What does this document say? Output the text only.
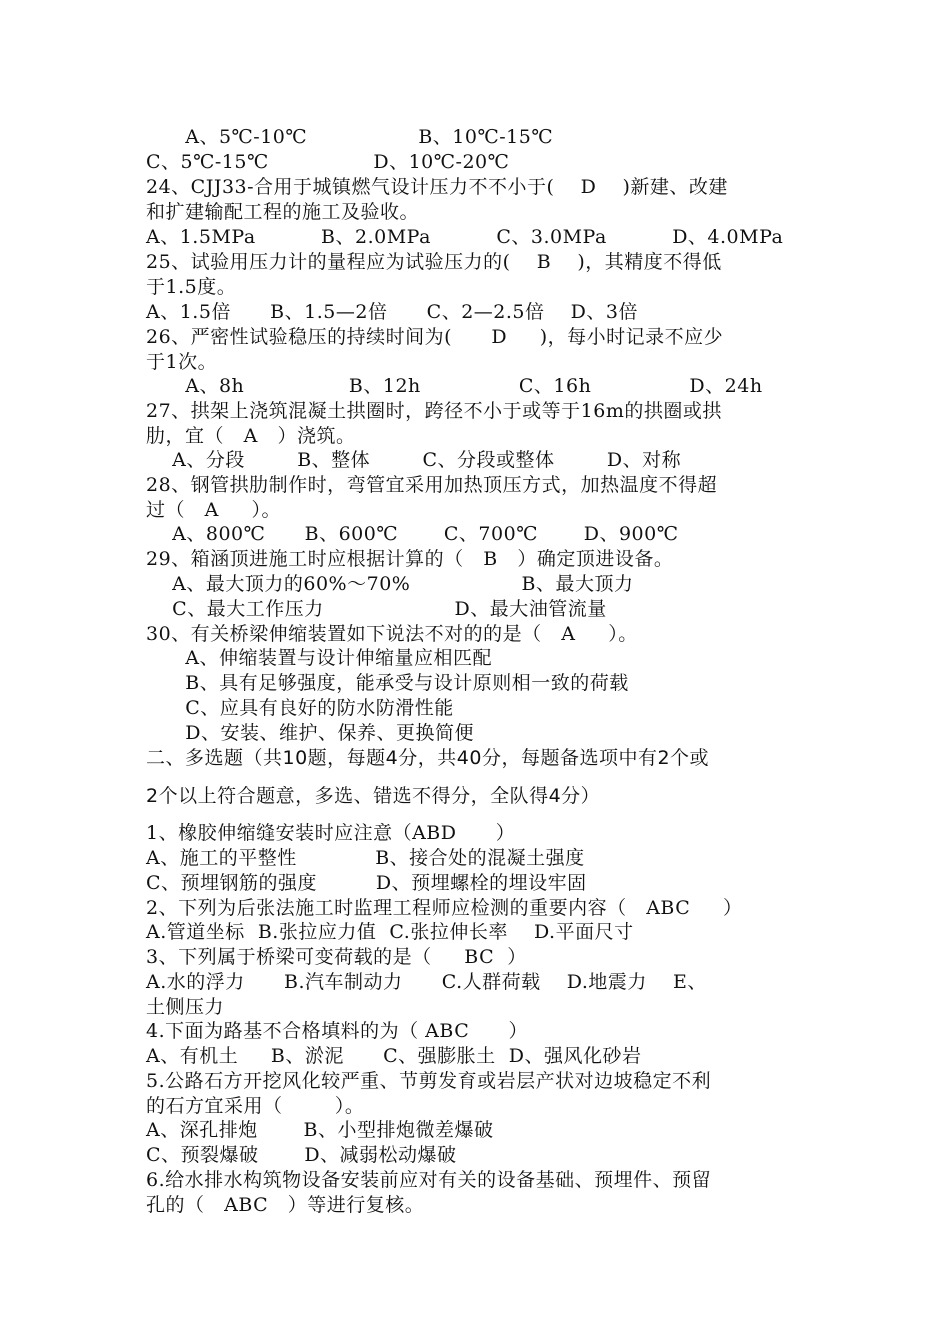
A、5℃-10℃                 B、10℃-15℃
C、5℃-15℃                D、10℃-20℃
24、CJJ33-合用于城镇燃气设计压力不不小于(    D    )新建、改建
和扩建输配工程的施工及验收。
A、1.5MPa          B、2.0MPa          C、3.0MPa          D、4.0MPa
25、试验用压力计的量程应为试验压力的(    B    )，其精度不得低
于1.5度。
A、1.5倍      B、1.5—2倍      C、2—2.5倍    D、3倍
26、严密性试验稳压的持续时间为(      D     )，每小时记录不应少
于1次。
A、8h                B、12h               C、16h               D、24h
27、拱架上浇筑混凝土拱圈时，跨径不小于或等于16m的拱圈或拱
肋，宜（   A   ）浇筑。
A、分段        B、整体        C、分段或整体        D、对称
28、钢管拱肋制作时，弯管宜采用加热顶压方式，加热温度不得超
过（   A     ）。
A、800℃      B、600℃       C、700℃       D、900℃
29、箱涵顶进施工时应根据计算的（   B   ）确定顶进设备。
A、最大顶力的60%～70%                 B、最大顶力
C、最大工作压力                    D、最大油管流量
30、有关桥梁伸缩装置如下说法不对的的是（   A     ）。
A、伸缩装置与设计伸缩量应相匹配
B、具有足够强度，能承受与设计原则相一致的荷载
C、应具有良好的防水防滑性能
D、安装、维护、保养、更换简便
二、多选题（共10题，每题4分，共40分，每题备选项中有2个或
2个以上符合题意，多选、错选不得分，全队得4分）
1、橡胶伸缩缝安装时应注意（ABD      ）
A、施工的平整性            B、接合处的混凝土强度
C、预埋钢筋的强度         D、预埋螺栓的埋设牢固
2、下列为后张法施工时监理工程师应检测的重要内容（   ABC     ）
A.管道坐标  B.张拉应力值  C.张拉伸长率    D.平面尺寸
3、下列属于桥梁可变荷载的是（     BC  ）
A.水的浮力      B.汽车制动力      C.人群荷载    D.地震力    E、
土侧压力
4.下面为路基不合格填料的为（ ABC      ）
A、有机土     B、淤泥      C、强膨胀土  D、强风化砂岩
5.公路石方开挖风化较严重、节剪发育或岩层产状对边坡稳定不利
的石方宜采用（        ）。
A、深孔排炮       B、小型排炮微差爆破
C、预裂爆破       D、减弱松动爆破
6.给水排水构筑物设备安装前应对有关的设备基础、预埋件、预留
孔的（   ABC   ）等进行复核。
